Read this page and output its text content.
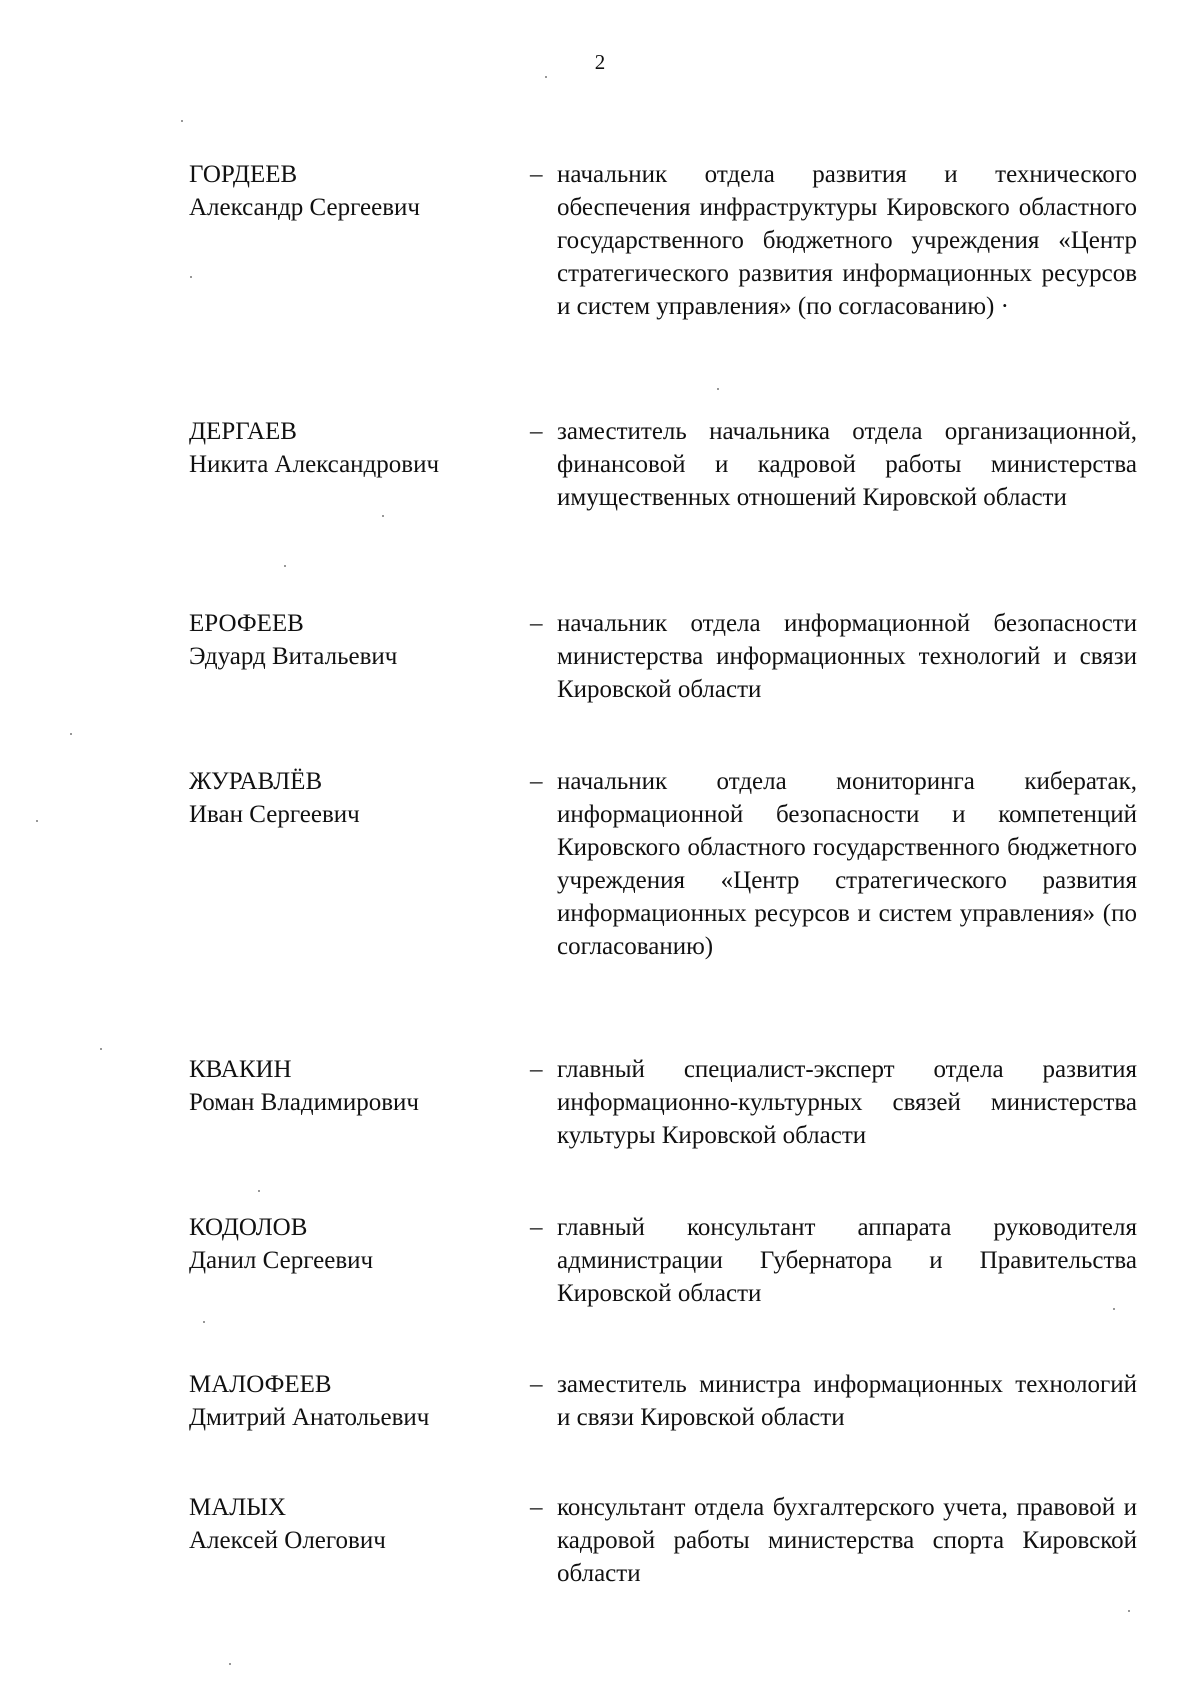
2
ГОРДЕЕВ
Александр Сергеевич
– начальник отдела развития и технического обеспечения инфраструктуры Кировского областного государственного бюджетного учреждения «Центр стратегического развития информационных ресурсов и систем управления» (по согласованию) ·
ДЕРГАЕВ
Никита Александрович
– заместитель начальника отдела организационной, финансовой и кадровой работы министерства имущественных отношений Кировской области
ЕРОФЕЕВ
Эдуард Витальевич
– начальник отдела информационной безопасности министерства информационных технологий и связи Кировской области
ЖУРАВЛЁВ
Иван Сергеевич
– начальник отдела мониторинга кибератак, информационной безопасности и компетенций Кировского областного государственного бюджетного учреждения «Центр стратегического развития информационных ресурсов и систем управления» (по согласованию)
КВАКИН
Роман Владимирович
– главный специалист-эксперт отдела развития информационно-культурных связей министерства культуры Кировской области
КОДОЛОВ
Данил Сергеевич
– главный консультант аппарата руководителя администрации Губернатора и Правительства Кировской области
МАЛОФЕЕВ
Дмитрий Анатольевич
– заместитель министра информационных технологий и связи Кировской области
МАЛЫХ
Алексей Олегович
– консультант отдела бухгалтерского учета, правовой и кадровой работы министерства спорта Кировской области
